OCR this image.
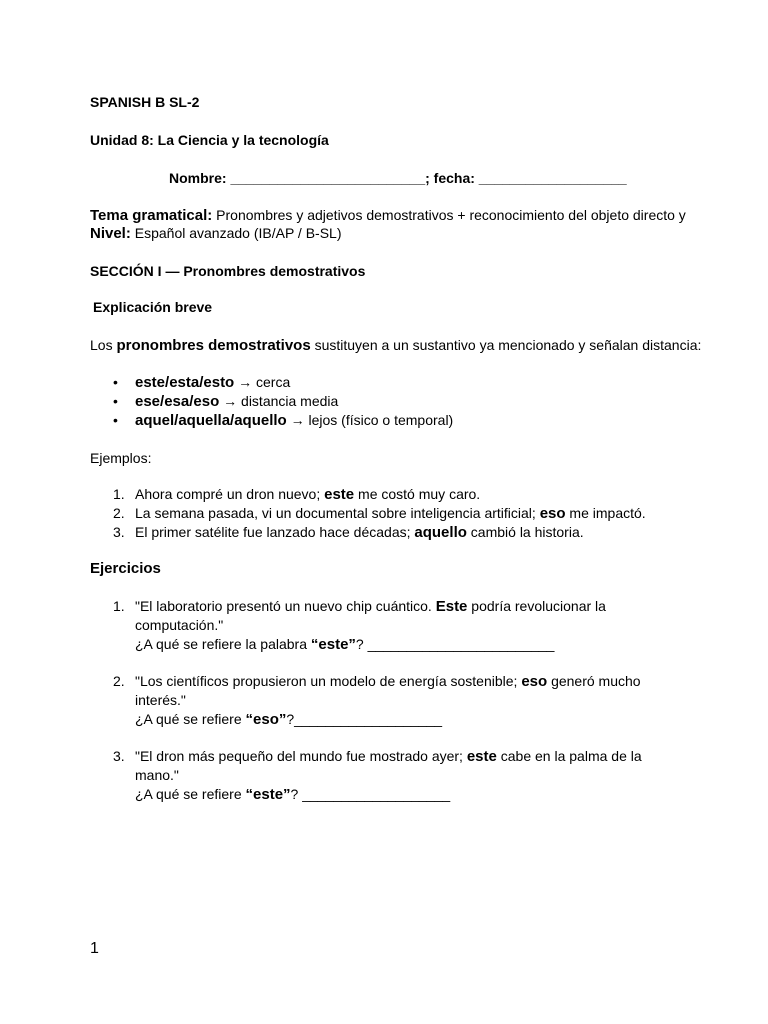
SPANISH B SL-2
Unidad 8: La Ciencia y la tecnología
Nombre: _________________________; fecha: ___________________
Tema gramatical: Pronombres y adjetivos demostrativos + reconocimiento del objeto directo y
Nivel: Español avanzado (IB/AP / B-SL)
SECCIÓN I — Pronombres demostrativos
Explicación breve
Los pronombres demostrativos sustituyen a un sustantivo ya mencionado y señalan distancia:
• este/esta/esto → cerca
• ese/esa/eso → distancia media
• aquel/aquella/aquello → lejos (físico o temporal)
Ejemplos:
1. Ahora compré un dron nuevo; este me costó muy caro.
2. La semana pasada, vi un documental sobre inteligencia artificial; eso me impactó.
3. El primer satélite fue lanzado hace décadas; aquello cambió la historia.
Ejercicios
1. "El laboratorio presentó un nuevo chip cuántico. Este podría revolucionar la computación."
¿A qué se refiere la palabra “este”? ________________________
2. "Los científicos propusieron un modelo de energía sostenible; eso generó mucho interés."
¿A qué se refiere “eso”?___________________
3. "El dron más pequeño del mundo fue mostrado ayer; este cabe en la palma de la mano."
¿A qué se refiere “este”? ___________________
1
